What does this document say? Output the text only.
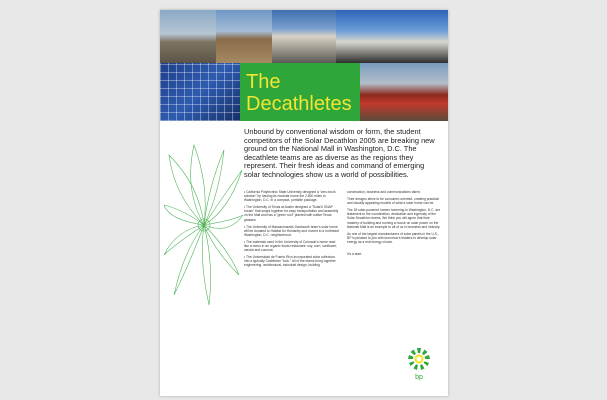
The
Decathletes

Unbound by conventional wisdom or form, the student competitors of the Solar Decathlon 2005 are breaking new ground on the National Mall in Washington, D.C. The decathlete teams are as diverse as the regions they represent. Their fresh ideas and command of emerging solar technologies show us a world of possibilities.

• California Polytechnic State University designed a "zero-truck solution" by hauling its modular home the 2,800 miles to Washington, D.C. in a compact, portable package.

• The University of Texas at Austin designed a "SolarD SNAP house" that snaps together for easy transportation and assembly on the Mall and has a "green roof" planted with native Texas grasses.

• The University of Massachusetts Dartmouth team's solar home will be donated to Habitat for Humanity and moved to a northeast Washington, D.C. neighborhood.

• The materials used in the University of Colorado's home read like a menu in an organic foods restaurant: soy, corn, sunflower, canola and coconut.

• The Universidad de Puerto Rico incorporated solar collectors into a typically Caribbean "look." All of the teams bring together engineering, architectural, industrial design, building

construction, business and communications talent.

Their designs strive to be consumer-oriented, creating practical and visually appealing models of what a solar home can be.

The 18 solar-powered homes humming in Washington, D.C. are testament to the coordination, dedication and ingenuity of the Solar Decathlon teams. We think you will agree that their mastery of building and running a house on solar power on the National Mall is an example to all of us in business and industry.

As one of the largest manufacturers of solar panels in the U.S., BP is pleased to join with tomorrow's leaders to develop solar energy as a real energy choice.

It's a start.

bp
